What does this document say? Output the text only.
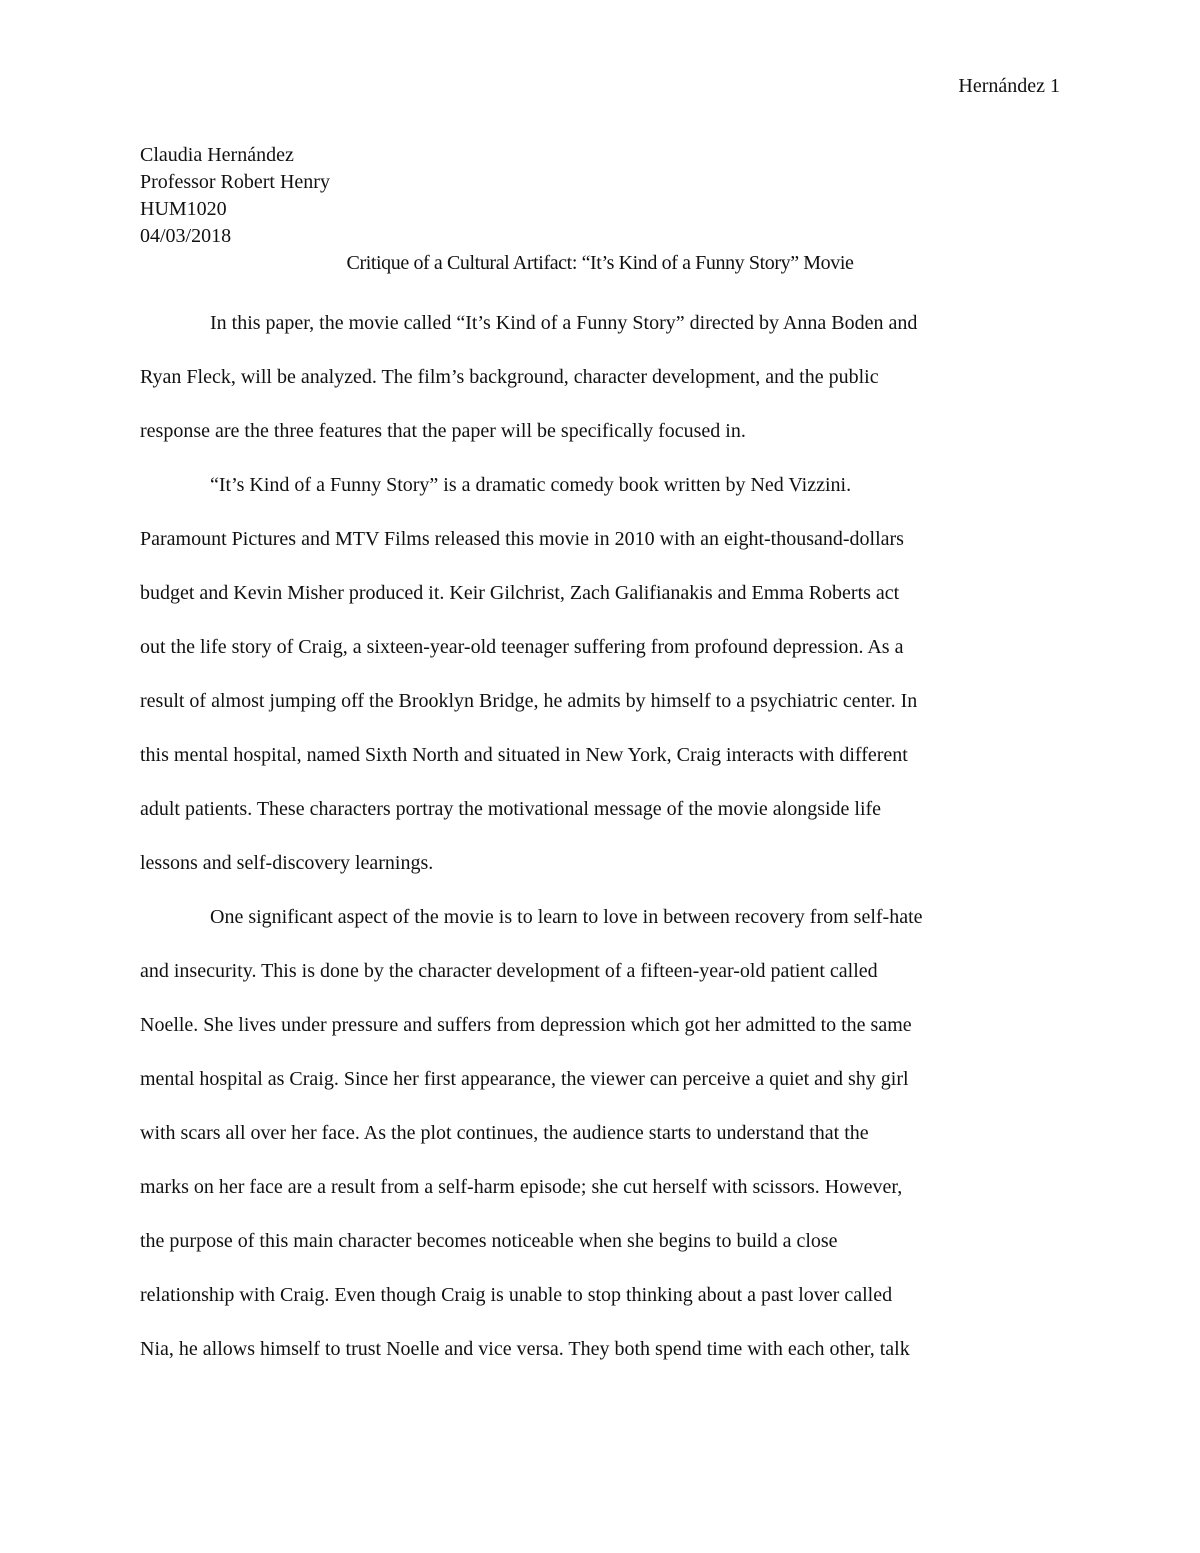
Hernández 1
Claudia Hernández
Professor Robert Henry
HUM1020
04/03/2018
Critique of a Cultural Artifact: “It’s Kind of a Funny Story” Movie
In this paper, the movie called “It’s Kind of a Funny Story” directed by Anna Boden and
Ryan Fleck, will be analyzed. The film’s background, character development, and the public
response are the three features that the paper will be specifically focused in.
“It’s Kind of a Funny Story” is a dramatic comedy book written by Ned Vizzini.
Paramount Pictures and MTV Films released this movie in 2010 with an eight-thousand-dollars
budget and Kevin Misher produced it. Keir Gilchrist, Zach Galifianakis and Emma Roberts act
out the life story of Craig, a sixteen-year-old teenager suffering from profound depression. As a
result of almost jumping off the Brooklyn Bridge, he admits by himself to a psychiatric center. In
this mental hospital, named Sixth North and situated in New York, Craig interacts with different
adult patients. These characters portray the motivational message of the movie alongside life
lessons and self-discovery learnings.
One significant aspect of the movie is to learn to love in between recovery from self-hate
and insecurity. This is done by the character development of a fifteen-year-old patient called
Noelle. She lives under pressure and suffers from depression which got her admitted to the same
mental hospital as Craig. Since her first appearance, the viewer can perceive a quiet and shy girl
with scars all over her face. As the plot continues, the audience starts to understand that the
marks on her face are a result from a self-harm episode; she cut herself with scissors. However,
the purpose of this main character becomes noticeable when she begins to build a close
relationship with Craig. Even though Craig is unable to stop thinking about a past lover called
Nia, he allows himself to trust Noelle and vice versa. They both spend time with each other, talk
